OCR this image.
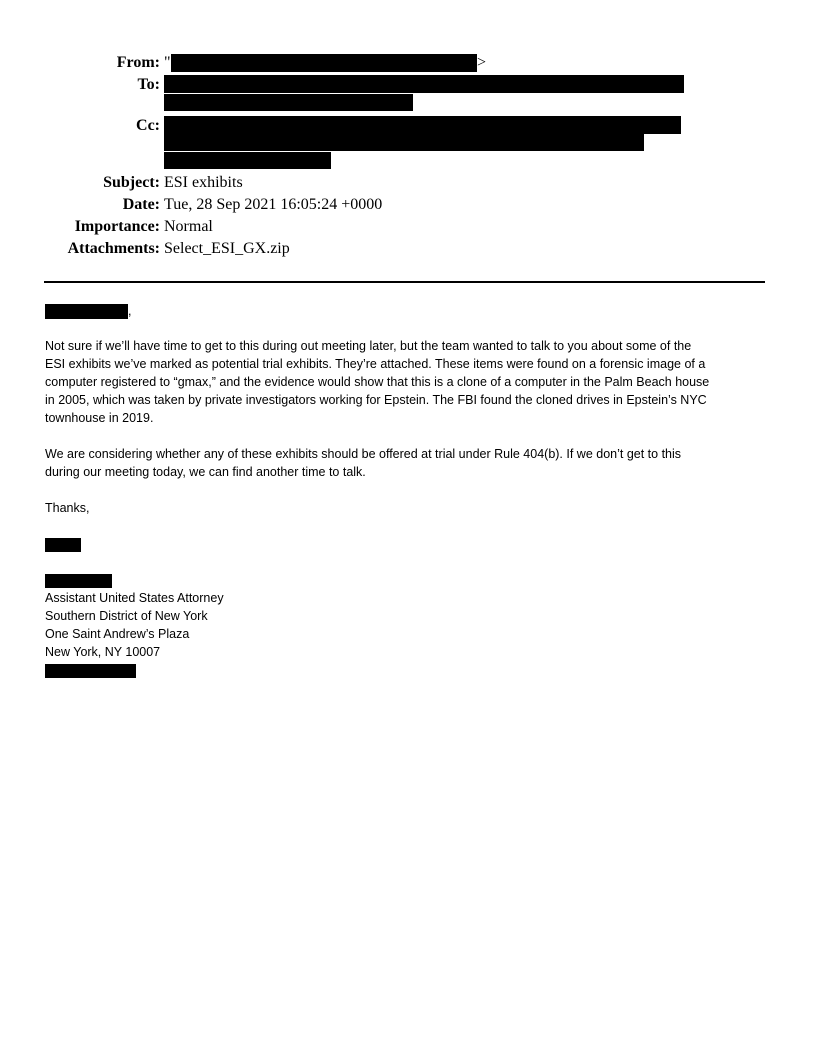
From: "	>
To:
Cc:
Subject: ESI exhibits
Date: Tue, 28 Sep 2021 16:05:24 +0000
Importance: Normal
Attachments: Select_ESI_GX.zip
,

Not sure if we’ll have time to get to this during out meeting later, but the team wanted to talk to you about some of the
ESI exhibits we’ve marked as potential trial exhibits. They’re attached. These items were found on a forensic image of a
computer registered to “gmax,” and the evidence would show that this is a clone of a computer in the Palm Beach house
in 2005, which was taken by private investigators working for Epstein. The FBI found the cloned drives in Epstein’s NYC
townhouse in 2019.

We are considering whether any of these exhibits should be offered at trial under Rule 404(b). If we don’t get to this
during our meeting today, we can find another time to talk.

Thanks,

Assistant United States Attorney
Southern District of New York
One Saint Andrew’s Plaza
New York, NY 10007
